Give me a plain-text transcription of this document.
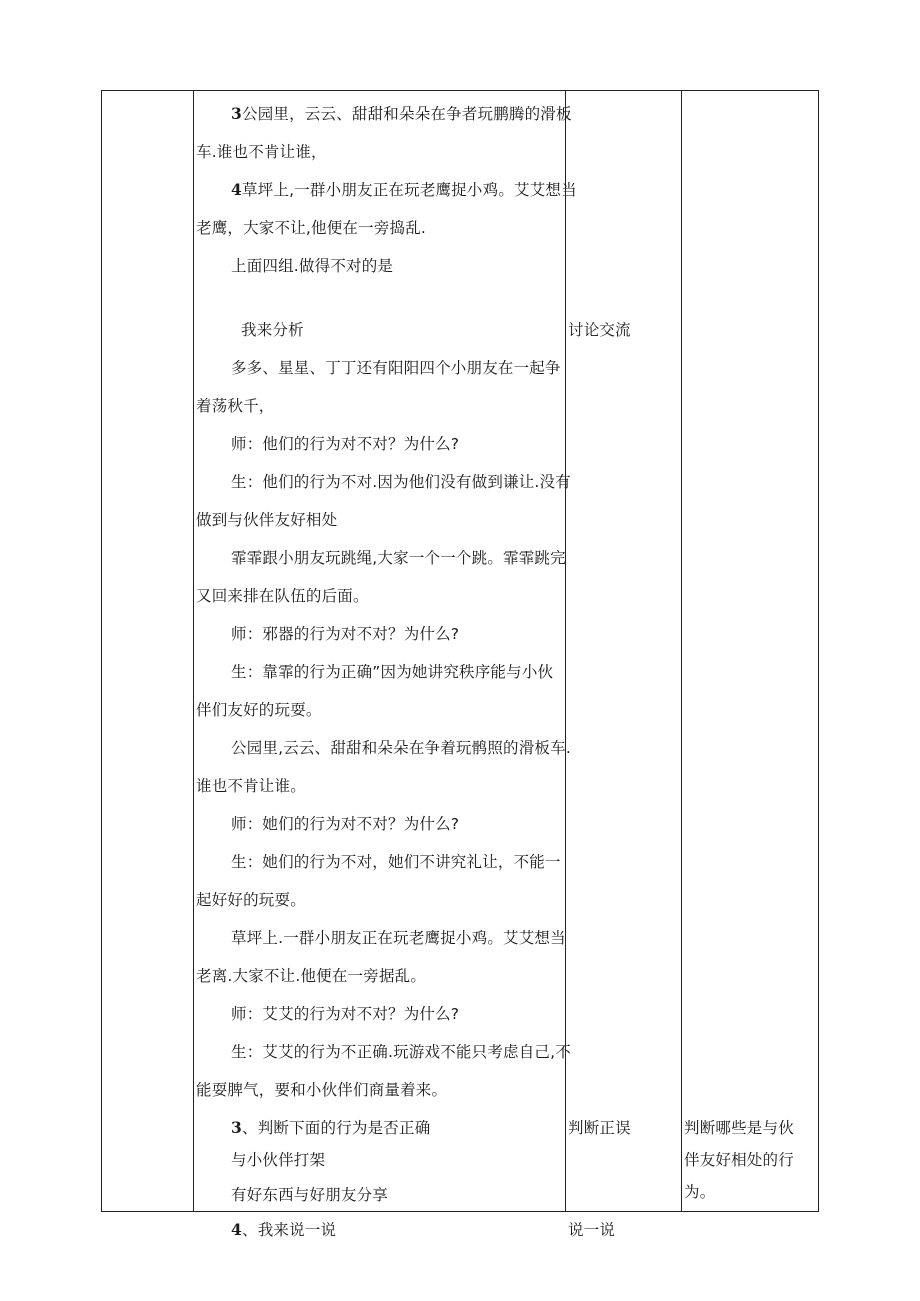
3公园里，云云、甜甜和朵朵在争者玩鹏腾的滑板

车.谁也不肯让谁，

4草坪上,一群小朋友正在玩老鹰捉小鸡。艾艾想当

老鹰，大家不让,他便在一旁捣乱.

上面四组.做得不对的是

我来分析

多多、星星、丁丁还有阳阳四个小朋友在一起争

着荡秋千，

师：他们的行为对不对？为什么?

生：他们的行为不对.因为他们没有做到谦让.没有

做到与伙伴友好相处

霏霏跟小朋友玩跳绳,大家一个一个跳。霏霏跳完

又回来排在队伍的后面。

师：邪器的行为对不对？为什么?

生：靠霏的行为正确”因为她讲究秩序能与小伙

伴们友好的玩耍。

公园里,云云、甜甜和朵朵在争着玩鹘照的滑板车.

谁也不肯让谁。

师：她们的行为对不对？为什么?

生：她们的行为不对，她们不讲究礼让，不能一

起好好的玩耍。

草坪上.一群小朋友正在玩老鹰捉小鸡。艾艾想当

老离.大家不让.他便在一旁据乱。

师：艾艾的行为对不对？为什么?

生：艾艾的行为不正确.玩游戏不能只考虑自己,不

能耍脾气，要和小伙伴们商量着来。

3、判断下面的行为是否正确

与小伙伴打架

有好东西与好朋友分享

4、我来说一说

讨论交流

判断正误

说一说

判断哪些是与伙

伴友好相处的行

为。
